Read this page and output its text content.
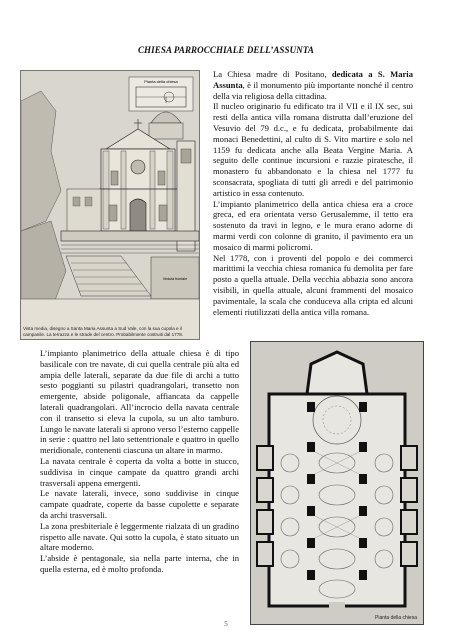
CHIESA PARROCCHIALE DELL’ASSUNTA
Pianta della chiesa
Veduta frontale
Vista media, disegno a Santa Maria Assunta a Sud Vale, con la sua cupola e il campanile. La terrazza e le strade del centro. Probabilmente costruiti dal 1778.

La Chiesa madre di Positano, dedicata a S. Maria Assunta, è il monumento più importante nonché il centro della via religiosa della cittadina.

Il nucleo originario fu edificato tra il VII e il IX sec, sui resti della antica villa romana distrutta dall’eruzione del Vesuvio del 79 d.c., e fu dedicata, probabilmente dai monaci Benedettini, al culto di S. Vito martire e solo nel 1159 fu dedicata anche alla Beata Vergine Maria. A seguito delle continue incursioni e razzie piratesche, il monastero fu abbandonato e la chiesa nel 1777 fu sconsacrata, spogliata di tutti gli arredi e del patrimonio artistico in essa contenuto.

L’impianto planimetrico della antica chiesa era a croce greca, ed era orientata verso Gerusalemme, il tetto era sostenuto da travi in legno, e le mura erano adorne di marmi verdi con colonne di granito, il pavimento era un mosaico di marmi policromi.

Nel 1778, con i proventi del popolo e dei commerci marittimi la vecchia chiesa romanica fu demolita per fare posto a quella attuale. Della vecchia abbazia sono ancora visibili, in quella attuale, alcuni frammenti del mosaico pavimentale, la scala che conduceva alla cripta ed alcuni elementi riutilizzati della antica villa romana.

L’impianto planimetrico della attuale chiesa è di tipo basilicale con tre navate, di cui quella centrale più alta ed ampia delle laterali, separate da due file di archi a tutto sesto poggianti su pilastri quadrangolari, transetto non emergente, abside poligonale, affiancata da cappelle laterali quadrangolari. All’incrocio della navata centrale con il transetto si eleva la cupola, su un alto tamburo. Lungo le navate laterali si aprono verso l’esterno cappelle in serie : quattro nel lato settentrionale e quattro in quello meridionale, contenenti ciascuna un altare in marmo.

La navata centrale è coperta da volta a botte in stucco, suddivisa in cinque campate da quattro grandi archi trasversali appena emergenti.

Le navate laterali, invece, sono suddivise in cinque campate quadrate, coperte da basse cupolette e separate da archi trasversali.

La zona presbiteriale è leggermente rialzata di un gradino rispetto alle navate. Qui sotto la cupola, è stato situato un altare moderno.

L’abside è pentagonale, sia nella parte interna, che in quella esterna, ed è molto profonda.

Pianta della chiesa
5
